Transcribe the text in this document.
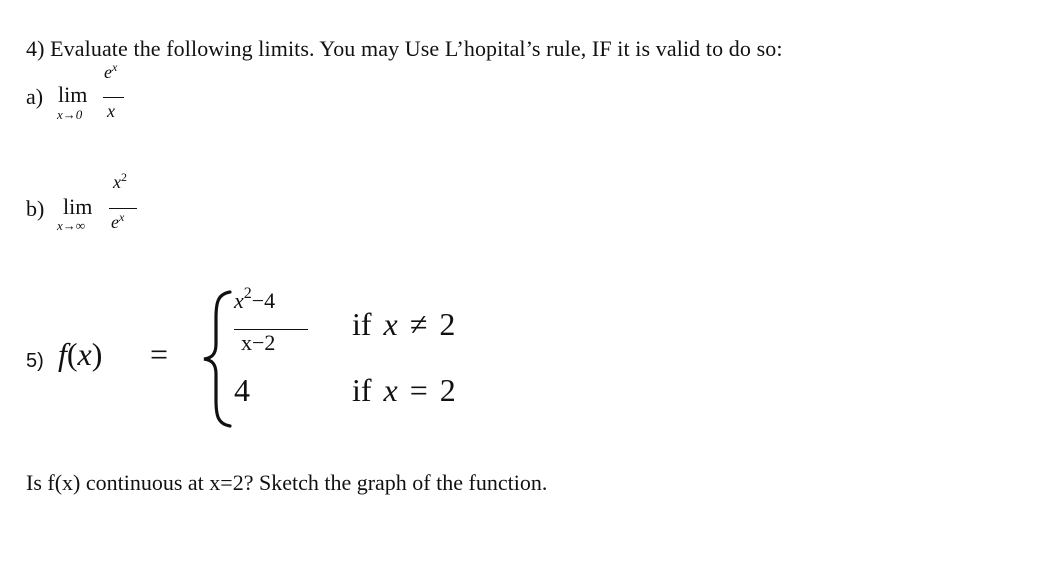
4) Evaluate the following limits. You may Use L’hopital’s rule, IF it is valid to do so:
a) lim
x→0
$e^x$
x
b) lim
x→∞
$x^2$
$e^x$
5) f(x) =
$x^2-4$
x−2
if x ≠ 2
4	if x = 2
Is f(x) continuous at x=2? Sketch the graph of the function.
